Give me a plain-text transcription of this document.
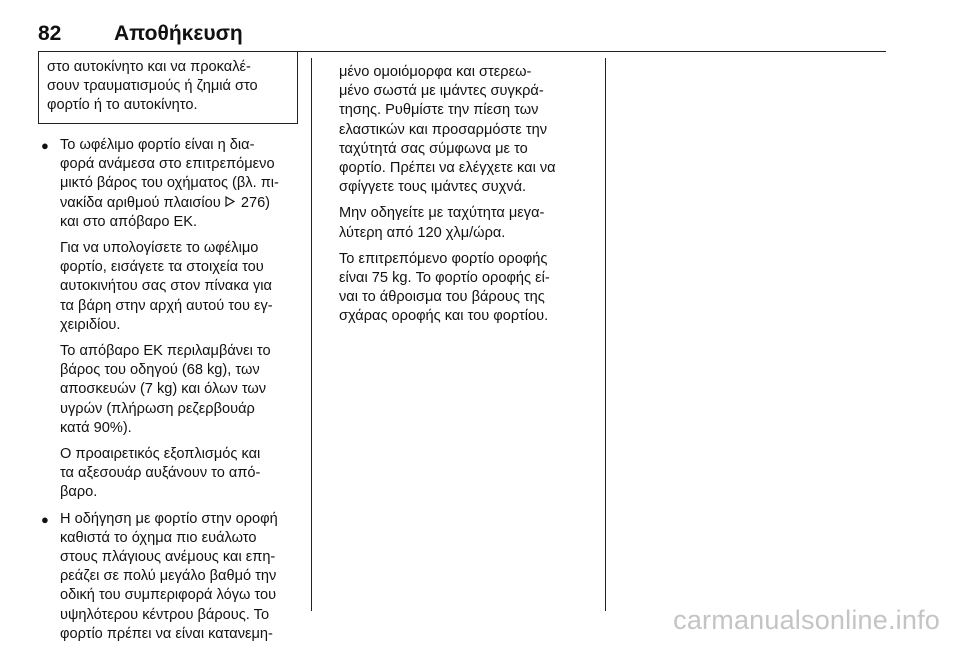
82	Αποθήκευση
στο αυτοκίνητο και να προκαλέ-
σουν τραυματισμούς ή ζημιά στο
φορτίο ή το αυτοκίνητο.
● Το ωφέλιμο φορτίο είναι η δια-
φορά ανάμεσα στο επιτρεπόμενο
μικτό βάρος του οχήματος (βλ. πι-
νακίδα αριθμού πλαισίου  276)
και στο απόβαρο ΕΚ.

Για να υπολογίσετε το ωφέλιμο
φορτίο, εισάγετε τα στοιχεία του
αυτοκινήτου σας στον πίνακα για
τα βάρη στην αρχή αυτού του εγ-
χειριδίου.

Το απόβαρο ΕΚ περιλαμβάνει το
βάρος του οδηγού (68 kg), των
αποσκευών (7 kg) και όλων των
υγρών (πλήρωση ρεζερβουάρ
κατά 90%).

Ο προαιρετικός εξοπλισμός και
τα αξεσουάρ αυξάνουν το από-
βαρο.

● Η οδήγηση με φορτίο στην οροφή
καθιστά το όχημα πιο ευάλωτο
στους πλάγιους ανέμους και επη-
ρεάζει σε πολύ μεγάλο βαθμό την
οδική του συμπεριφορά λόγω του
υψηλότερου κέντρου βάρους. Το
φορτίο πρέπει να είναι κατανεμη-

μένο ομοιόμορφα και στερεω-
μένο σωστά με ιμάντες συγκρά-
τησης. Ρυθμίστε την πίεση των
ελαστικών και προσαρμόστε την
ταχύτητά σας σύμφωνα με το
φορτίο. Πρέπει να ελέγχετε και να
σφίγγετε τους ιμάντες συχνά.

Μην οδηγείτε με ταχύτητα μεγα-
λύτερη από 120 χλμ/ώρα.

Το επιτρεπόμενο φορτίο οροφής
είναι 75 kg. Το φορτίο οροφής εί-
ναι το άθροισμα του βάρους της
σχάρας οροφής και του φορτίου.

carmanualsonline.info
